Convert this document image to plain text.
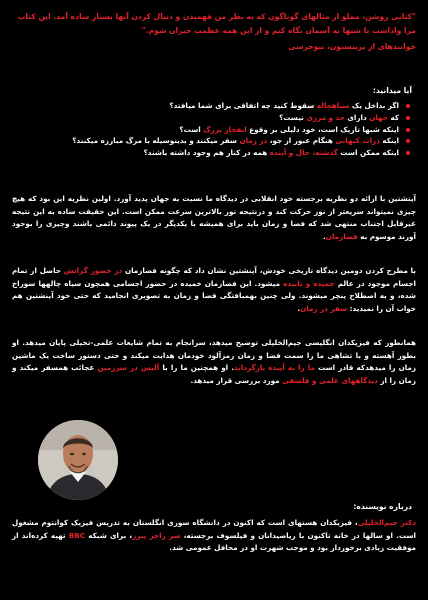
"کتابی روشن، مملو از مثالهای گوناگون که به نظر من فهمیدن و دنبال کردن آنها بسیار ساده آمد. این کتاب مرا واداشت تا شبها به آسمان نگاه کنم و از این همه عظمت حیران شوم."
خوانندهای از پرینستون، نیوجرسی
آیا میدانید:
اگر بداخل یک سیاهچاله سقوط کنید چه اتفاقی برای شما میافتد؟
که جهان دارای حد و مرزی نیست؟
اینکه شبها تاریک است، خود دلیلی بر وقوع انفجار بزرگ است؟
اینکه ذرات کیهانی هنگام عبور از جو، در زمان سفر میکنند و بدینوسیله با مرگ مبارزه میکنند؟
اینکه ممکن است گذشته، حال و آینده همه در کنار هم وجود داشته باشند؟
آینشتین با ارائه دو نظریه برجسته خود انقلابی در دیدگاه ما نسبت به جهان پدید آورد. اولین نظریه این بود که هیچ چیزی نمیتواند سریعتر از نور حرکت کند و درنتیجه نور بالاترین سرعت ممکن است. این حقیقت ساده به این نتیجه غیرقابل اجتناب منتهی شد که فضا و زمان باید برای همیشه با یکدیگر در یک پیوند دائمی باشند وچیزی را بوجود آورند موسوم به فضازمان.
با مطرح کردن دومین دیدگاه تاریخی خودش، آینشتین نشان داد که چگونه فضازمان در حضور گرانش حاصل از تمام اجسام موجود در عالم خمیده و تابیده میشود. این فضازمان خمیده در حضور اجسامی همچون سیاه چالهها سوراخ شده، و به اصطلاح پنچر میشوند. ولی چنین بهمبافتگی فضا و زمان به تصویری انجامید که حتی خود آینشتین هم خواب آن را نمیدید: سفر در زمان.
همانطور که فیزیکدان انگلیسی جیم‌الخلیلی توضیح میدهد، سرانجام به تمام شایعات علمی-تخیلی پایان میدهد. او بطور آهسته و با تشاهی ما را سمت فضا و زمان رمزآلود خودمان هدایت میکند و حتی دستور ساخت یک ماشین زمان را میدهدکه قادر است ما را به آینده بازگرداند. او همچنین ما را با آلیس در سرزمین عجائب همسفر میکند و زمان را از دیدگاههای علمی و فلسفی مورد بررسی قرار میدهد.
درباره نویسنده:
دکتر جیم‌الخلیلی، فیزیکدان هستهای است که اکنون در دانشگاه سوری انگلستان به تدریس فیزیک کوانتوم مشغول است. او سالها در خانه تاکنون با ریاضیدانان و فیلسوف برجسته، سر راجر پنرز، برای شبکه BBC تهیه کرده‌اند از موفقیت زیادی برخوردار بود و موجب شهرت او در محافل عمومی شد.
